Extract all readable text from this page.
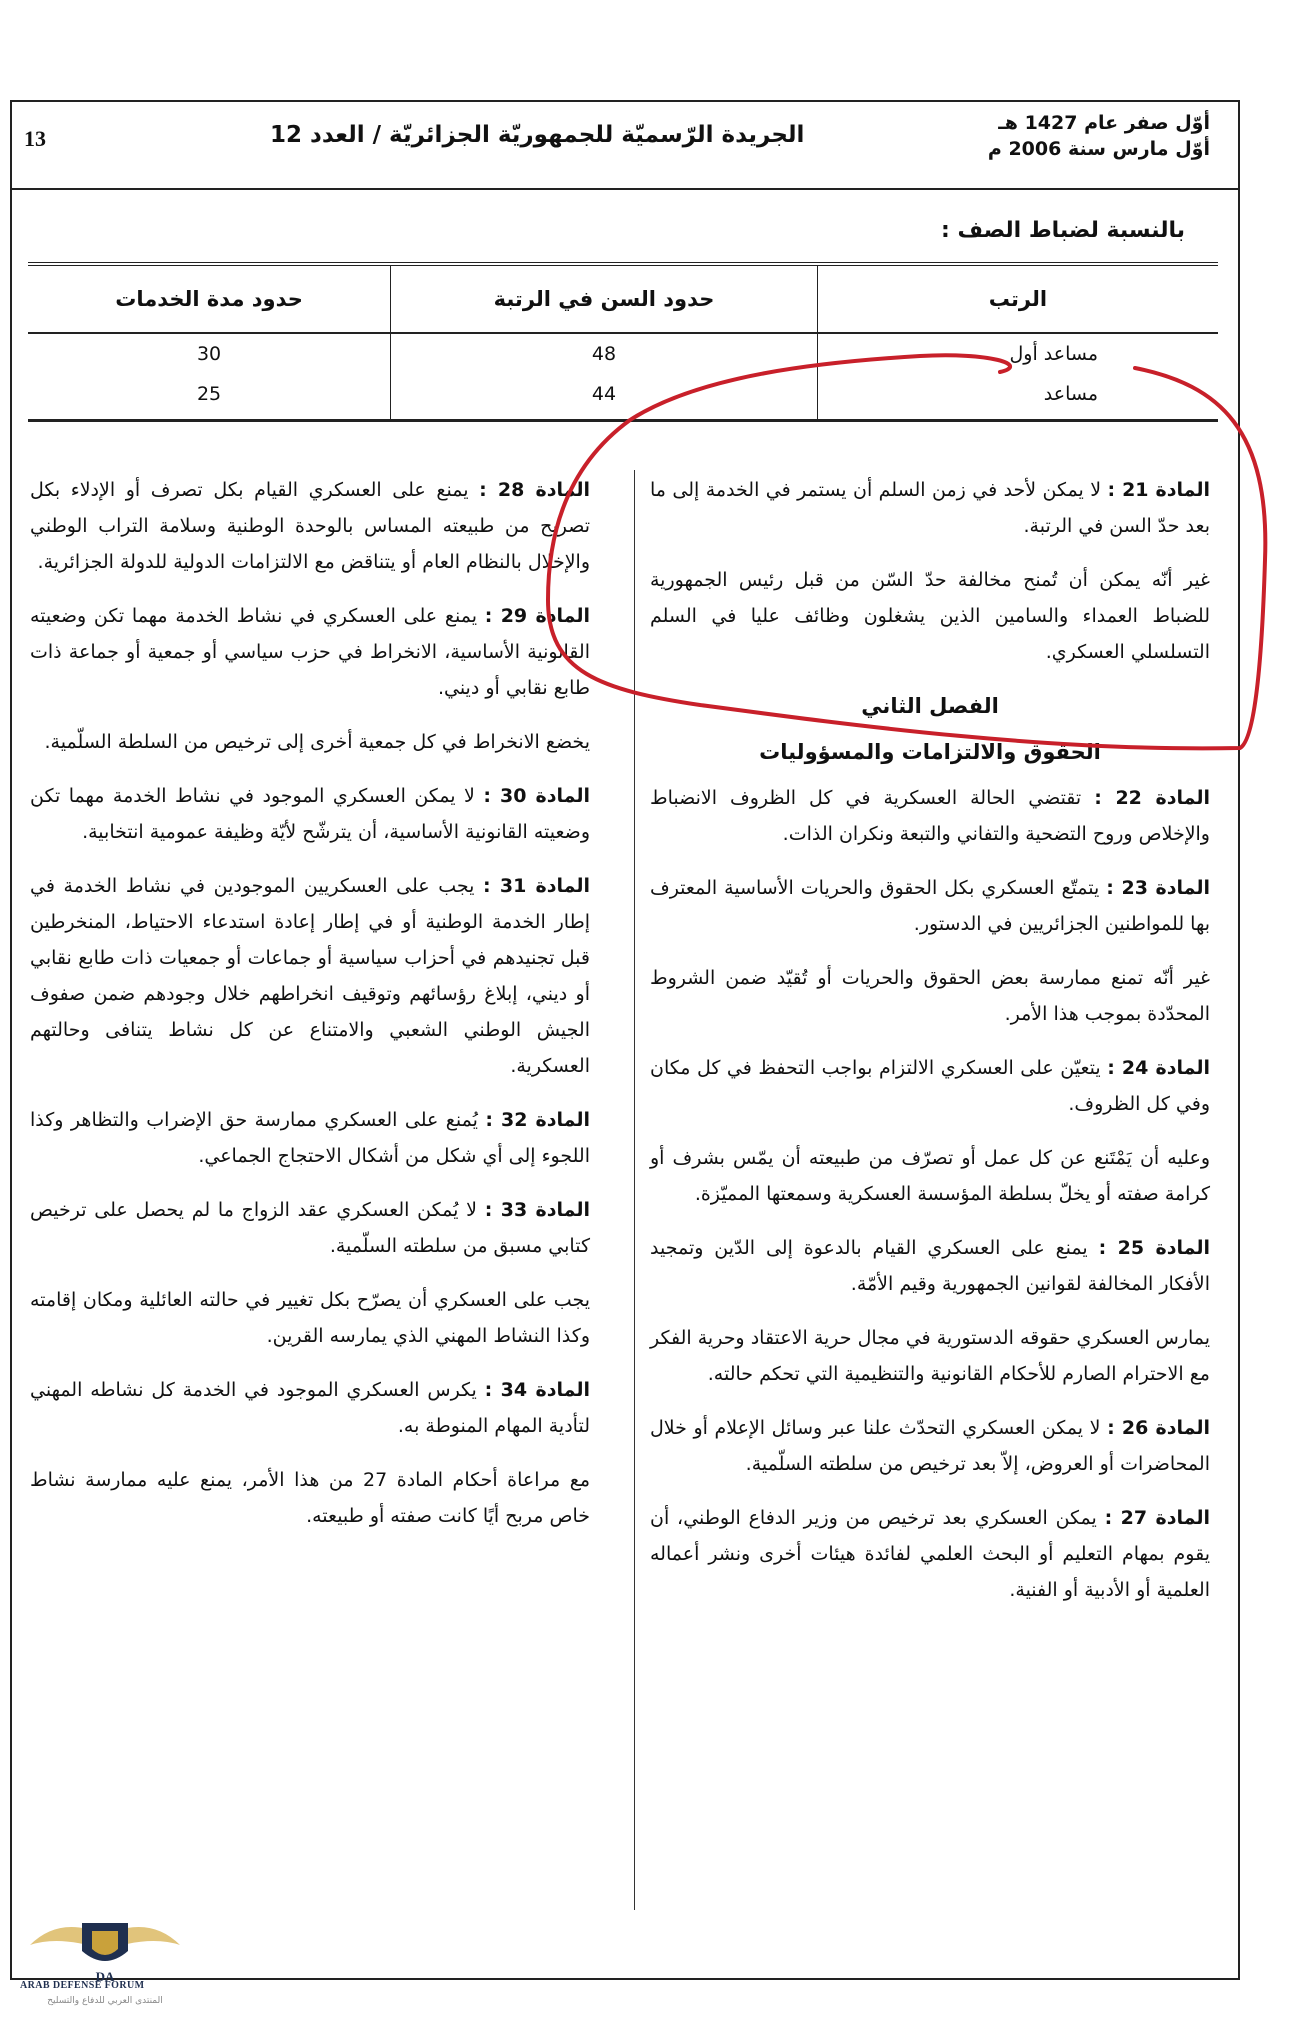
13	الجريدة الرّسميّة للجمهوريّة الجزائريّة / العدد 12	أوّل صفر عام 1427 هـ
أوّل مارس سنة 2006 م
بالنسبة لضباط الصف :
الرتب	حدود السن في الرتبة	حدود مدة الخدمات
مساعد أول	48	30
مساعد	44	25

المادة 21 : لا يمكن لأحد في زمن السلم أن يستمر في الخدمة إلى ما بعد حدّ السن في الرتبة.

غير أنّه يمكن أن تُمنح مخالفة حدّ السّن من قبل رئيس الجمهورية للضباط العمداء والسامين الذين يشغلون وظائف عليا في السلم التسلسلي العسكري.

الفصل الثاني
الحقوق والالتزامات والمسؤوليات

المادة 22 : تقتضي الحالة العسكرية في كل الظروف الانضباط والإخلاص وروح التضحية والتفاني والتبعة ونكران الذات.

المادة 23 : يتمتّع العسكري بكل الحقوق والحريات الأساسية المعترف بها للمواطنين الجزائريين في الدستور.

غير أنّه تمنع ممارسة بعض الحقوق والحريات أو تُقيّد ضمن الشروط المحدّدة بموجب هذا الأمر.

المادة 24 : يتعيّن على العسكري الالتزام بواجب التحفظ في كل مكان وفي كل الظروف.

وعليه أن يَمْتَنع عن كل عمل أو تصرّف من طبيعته أن يمّس بشرف أو كرامة صفته أو يخلّ بسلطة المؤسسة العسكرية وسمعتها المميّزة.

المادة 25 : يمنع على العسكري القيام بالدعوة إلى الدّين وتمجيد الأفكار المخالفة لقوانين الجمهورية وقيم الأمّة.

يمارس العسكري حقوقه الدستورية في مجال حرية الاعتقاد وحرية الفكر مع الاحترام الصارم للأحكام القانونية والتنظيمية التي تحكم حالته.

المادة 26 : لا يمكن العسكري التحدّث علنا عبر وسائل الإعلام أو خلال المحاضرات أو العروض، إلاّ بعد ترخيص من سلطته السلّمية.

المادة 27 : يمكن العسكري بعد ترخيص من وزير الدفاع الوطني، أن يقوم بمهام التعليم أو البحث العلمي لفائدة هيئات أخرى ونشر أعماله العلمية أو الأدبية أو الفنية.

المادة 28 : يمنع على العسكري القيام بكل تصرف أو الإدلاء بكل تصريح من طبيعته المساس بالوحدة الوطنية وسلامة التراب الوطني والإخلال بالنظام العام أو يتناقض مع الالتزامات الدولية للدولة الجزائرية.

المادة 29 : يمنع على العسكري في نشاط الخدمة مهما تكن وضعيته القانونية الأساسية، الانخراط في حزب سياسي أو جمعية أو جماعة ذات طابع نقابي أو ديني.

يخضع الانخراط في كل جمعية أخرى إلى ترخيص من السلطة السلّمية.

المادة 30 : لا يمكن العسكري الموجود في نشاط الخدمة مهما تكن وضعيته القانونية الأساسية، أن يترشّح لأيّة وظيفة عمومية انتخابية.

المادة 31 : يجب على العسكريين الموجودين في نشاط الخدمة في إطار الخدمة الوطنية أو في إطار إعادة استدعاء الاحتياط، المنخرطين قبل تجنيدهم في أحزاب سياسية أو جماعات أو جمعيات ذات طابع نقابي أو ديني، إبلاغ رؤسائهم وتوقيف انخراطهم خلال وجودهم ضمن صفوف الجيش الوطني الشعبي والامتناع عن كل نشاط يتنافى وحالتهم العسكرية.

المادة 32 : يُمنع على العسكري ممارسة حق الإضراب والتظاهر وكذا اللجوء إلى أي شكل من أشكال الاحتجاج الجماعي.

المادة 33 : لا يُمكن العسكري عقد الزواج ما لم يحصل على ترخيص كتابي مسبق من سلطته السلّمية.

يجب على العسكري أن يصرّح بكل تغيير في حالته العائلية ومكان إقامته وكذا النشاط المهني الذي يمارسه القرين.

المادة 34 : يكرس العسكري الموجود في الخدمة كل نشاطه المهني لتأدية المهام المنوطة به.

مع مراعاة أحكام المادة 27 من هذا الأمر، يمنع عليه ممارسة نشاط خاص مربح أيًا كانت صفته أو طبيعته.

DA
ARAB DEFENSE FORUM
المنتدى العربي للدفاع والتسليح
